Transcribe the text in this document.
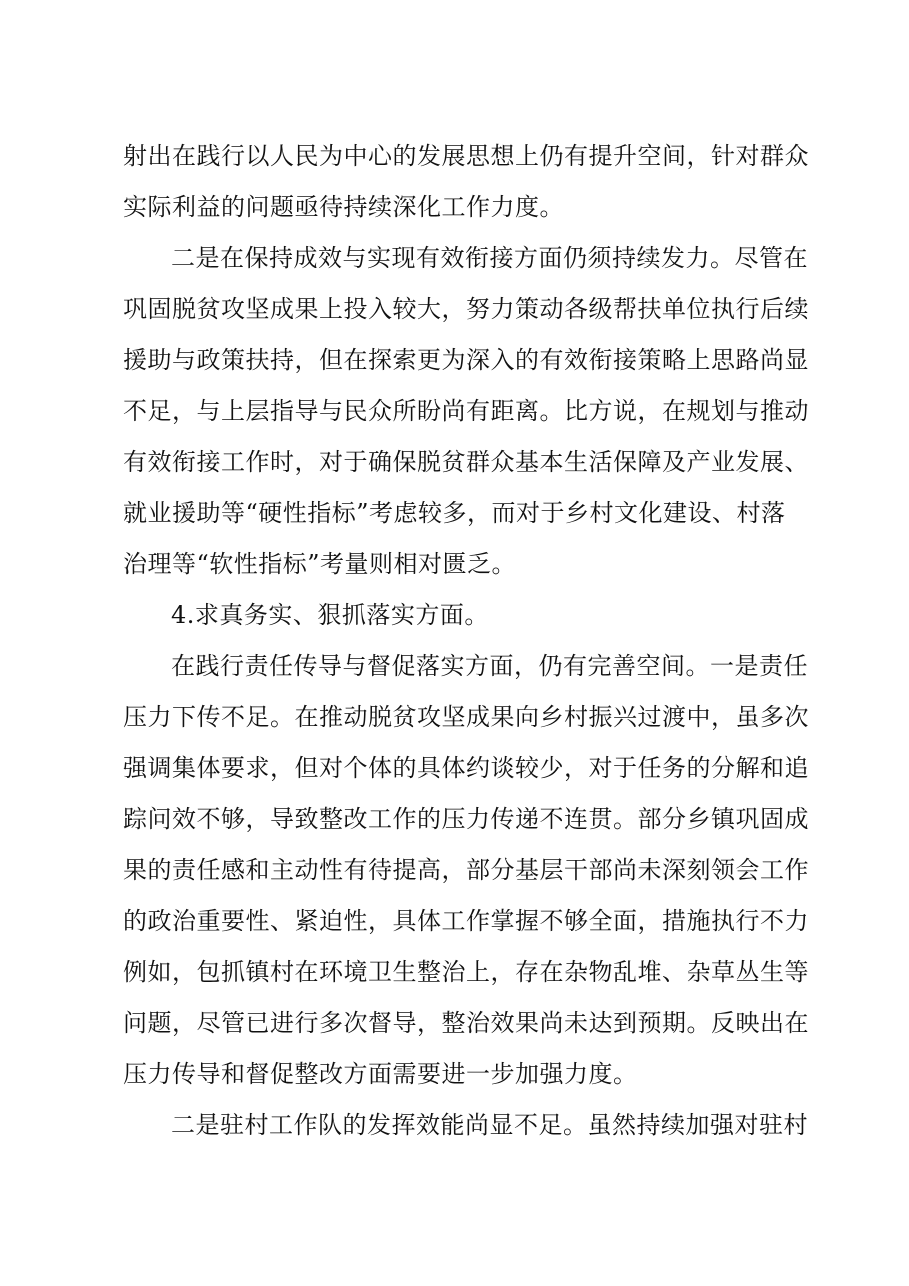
射出在践行以人民为中心的发展思想上仍有提升空间，针对群众
实际利益的问题亟待持续深化工作力度。
二是在保持成效与实现有效衔接方面仍须持续发力。尽管在
巩固脱贫攻坚成果上投入较大，努力策动各级帮扶单位执行后续
援助与政策扶持，但在探索更为深入的有效衔接策略上思路尚显
不足，与上层指导与民众所盼尚有距离。比方说，在规划与推动
有效衔接工作时，对于确保脱贫群众基本生活保障及产业发展、
就业援助等“硬性指标”考虑较多，而对于乡村文化建设、村落
治理等“软性指标”考量则相对匮乏。
4.求真务实、狠抓落实方面。
在践行责任传导与督促落实方面，仍有完善空间。一是责任
压力下传不足。在推动脱贫攻坚成果向乡村振兴过渡中，虽多次
强调集体要求，但对个体的具体约谈较少，对于任务的分解和追
踪问效不够，导致整改工作的压力传递不连贯。部分乡镇巩固成
果的责任感和主动性有待提高，部分基层干部尚未深刻领会工作
的政治重要性、紧迫性，具体工作掌握不够全面，措施执行不力
例如，包抓镇村在环境卫生整治上，存在杂物乱堆、杂草丛生等
问题，尽管已进行多次督导，整治效果尚未达到预期。反映出在
压力传导和督促整改方面需要进一步加强力度。
二是驻村工作队的发挥效能尚显不足。虽然持续加强对驻村
